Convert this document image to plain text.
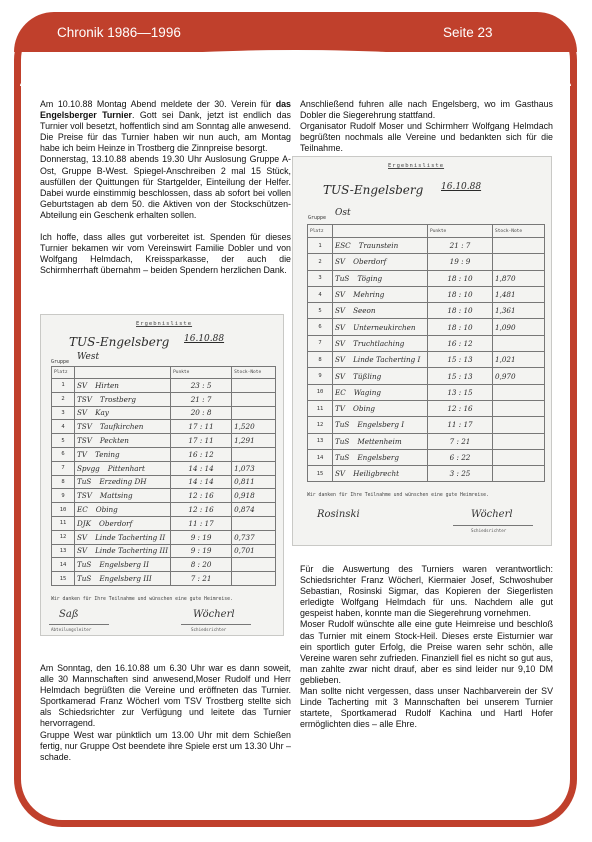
Chronik 1986—1996	Seite 23

Am 10.10.88 Montag Abend meldete der 30. Verein für das Engelsberger Turnier. Gott sei Dank, jetzt ist endlich das Turnier voll besetzt, hoffentlich sind am Sonntag alle anwesend. Die Preise für das Turnier haben wir nun auch, am Montag habe ich beim Heinze in Trostberg die Zinnpreise besorgt.

Donnerstag, 13.10.88 abends 19.30 Uhr Auslosung Gruppe A-Ost, Gruppe B-West. Spiegel-Anschreiben 2 mal 15 Stück, ausfüllen der Quittungen für Startgelder, Einteilung der Helfer. Dabei wurde einstimmig beschlossen, dass ab sofort bei vollen Geburtstagen ab dem 50. die Aktiven von der Stockschützen-Abteilung ein Geschenk erhalten sollen.

Ich hoffe, dass alles gut vorbereitet ist. Spenden für dieses Turnier bekamen wir vom Vereinswirt Familie Dobler und von Wolfgang Helmdach, Kreissparkasse, der auch die Schirmherrhaft übernahm – beiden Spendern herzlichen Dank.

Anschließend fuhren alle nach Engelsberg, wo im Gasthaus Dobler die Siegerehrung stattfand.

Organisator Rudolf Moser und Schirmherr Wolfgang Helmdach begrüßten nochmals alle Vereine und bedankten sich für die Teilnahme.

Ergebnisliste
TUS-Engelsberg 16.10.88
Gruppe Ost
Platz		Punkte	Stock-Note
1	ESC Traunstein	21 : 7	
2	SV Oberdorf	19 : 9	
3	TuS Töging	18 : 10	1,870
4	SV Mehring	18 : 10	1,481
5	SV Seeon	18 : 10	1,361
6	SV Unterneukirchen	18 : 10	1,090
7	SV Truchtlaching	16 : 12	
8	SV Linde Tacherting I	15 : 13	1,021
9	SV Tüßling	15 : 13	0,970
10	EC Waging	13 : 15	
11	TV Obing	12 : 16	
12	TuS Engelsberg I	11 : 17	
13	TuS Mettenheim	7 : 21	
14	TuS Engelsberg	6 : 22	
15	SV Heiligbrecht	3 : 25	
Wir danken für Ihre Teilnahme und wünschen eine gute Heimreise.
Rosinski	Wöcherl
Schiedsrichter
Ergebnisliste
TUS-Engelsberg 16.10.88
Gruppe West
Platz		Punkte	Stock-Note
1	SV Hirten	23 : 5	
2	TSV Trostberg	21 : 7	
3	SV Kay	20 : 8	
4	TSV Taufkirchen	17 : 11	1,520
5	TSV Peckten	17 : 11	1,291
6	TV Tening	16 : 12	
7	Spvgg Pittenhart	14 : 14	1,073
8	TuS Erzeding DH	14 : 14	0,811
9	TSV Mattsing	12 : 16	0,918
10	EC Obing	12 : 16	0,874
11	DJK Oberdorf	11 : 17	
12	SV Linde Tacherting II	9 : 19	0,737
13	SV Linde Tacherting III	9 : 19	0,701
14	TuS Engelsberg II	8 : 20	
15	TuS Engelsberg III	7 : 21	
Wir danken für Ihre Teilnahme und wünschen eine gute Heimreise.
Saß
Abteilungsleiter
Wöcherl
Schiedsrichter

Am Sonntag, den 16.10.88 um 6.30 Uhr war es dann soweit, alle 30 Mannschaften sind anwesend,Moser Rudolf und Herr Helmdach begrüßten die Vereine und eröffneten das Turnier. Sportkamerad Franz Wöcherl vom TSV Trostberg stellte sich als Schiedsrichter zur Verfügung und leitete das Turnier hervorragend.

Gruppe West war pünktlich um 13.00 Uhr mit dem Schießen fertig, nur Gruppe Ost beendete ihre Spiele erst um 13.30 Uhr – schade.

Für die Auswertung des Turniers waren verantwortlich: Schiedsrichter Franz Wöcherl, Kiermaier Josef, Schwoshuber Sebastian, Rosinski Sigmar, das Kopieren der Siegerlisten erledigte Wolfgang Helmdach für uns. Nachdem alle gut gespeist haben, konnte man die Siegerehrung vornehmen.

Moser Rudolf wünschte alle eine gute Heimreise und beschloß das Turnier mit einem Stock-Heil. Dieses erste Eisturnier war ein sportlich guter Erfolg, die Preise waren sehr schön, alle Vereine waren sehr zufrieden. Finanziell fiel es nicht so gut aus, man zahlte zwar nicht drauf, aber es sind leider nur 9,10 DM geblieben.

Man sollte nicht vergessen, dass unser Nachbarverein der SV Linde Tacherting mit 3 Mannschaften bei unserem Turnier startete, Sportkamerad Rudolf Kachina und Hartl Hofer ermöglichten dies – alle Ehre.
